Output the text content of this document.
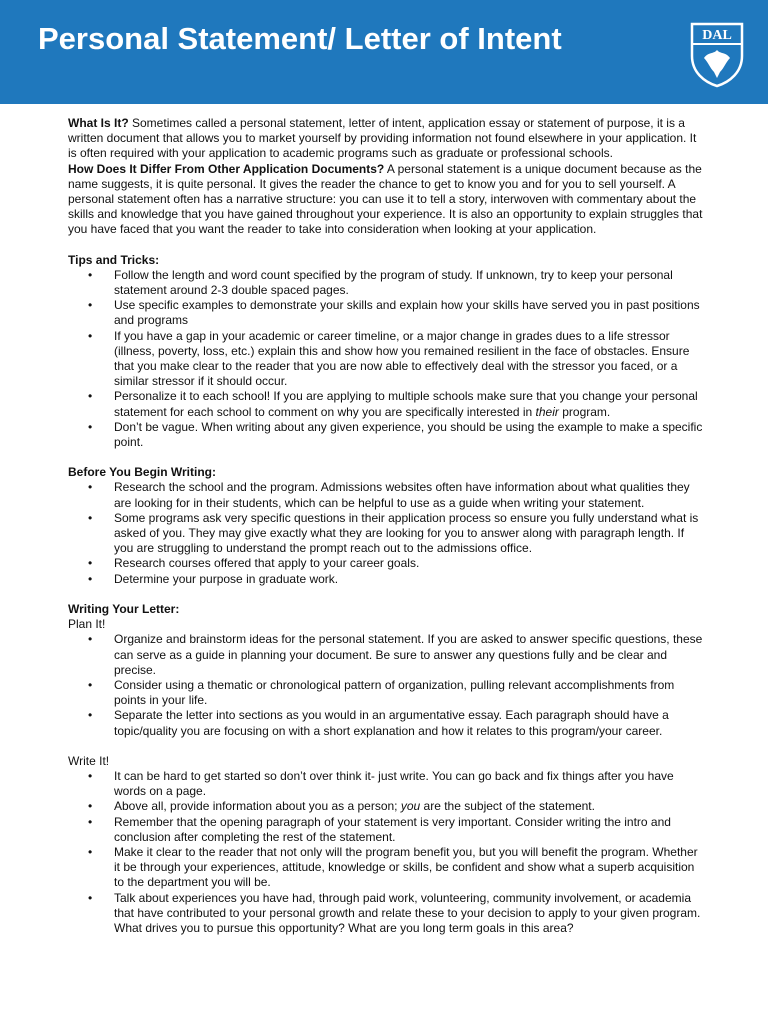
Personal Statement/ Letter of Intent	DAL

What Is It? Sometimes called a personal statement, letter of intent, application essay or statement of purpose, it is a written document that allows you to market yourself by providing information not found elsewhere in your application. It is often required with your application to academic programs such as graduate or professional schools.

How Does It Differ From Other Application Documents? A personal statement is a unique document because as the name suggests, it is quite personal. It gives the reader the chance to get to know you and for you to sell yourself. A personal statement often has a narrative structure: you can use it to tell a story, interwoven with commentary about the skills and knowledge that you have gained throughout your experience. It is also an opportunity to explain struggles that you have faced that you want the reader to take into consideration when looking at your application.

Tips and Tricks:

• Follow the length and word count specified by the program of study. If unknown, try to keep your personal statement around 2-3 double spaced pages.
• Use specific examples to demonstrate your skills and explain how your skills have served you in past positions and programs
• If you have a gap in your academic or career timeline, or a major change in grades dues to a life stressor (illness, poverty, loss, etc.) explain this and show how you remained resilient in the face of obstacles. Ensure that you make clear to the reader that you are now able to effectively deal with the stressor you faced, or a similar stressor if it should occur.
• Personalize it to each school! If you are applying to multiple schools make sure that you change your personal statement for each school to comment on why you are specifically interested in their program.
• Don’t be vague. When writing about any given experience, you should be using the example to make a specific point.

Before You Begin Writing:

• Research the school and the program. Admissions websites often have information about what qualities they are looking for in their students, which can be helpful to use as a guide when writing your statement.
• Some programs ask very specific questions in their application process so ensure you fully understand what is asked of you. They may give exactly what they are looking for you to answer along with paragraph length. If you are struggling to understand the prompt reach out to the admissions office.
• Research courses offered that apply to your career goals.
• Determine your purpose in graduate work.

Writing Your Letter:

Plan It!

• Organize and brainstorm ideas for the personal statement. If you are asked to answer specific questions, these can serve as a guide in planning your document. Be sure to answer any questions fully and be clear and precise.
• Consider using a thematic or chronological pattern of organization, pulling relevant accomplishments from points in your life.
• Separate the letter into sections as you would in an argumentative essay. Each paragraph should have a topic/quality you are focusing on with a short explanation and how it relates to this program/your career.

Write It!

• It can be hard to get started so don’t over think it- just write. You can go back and fix things after you have words on a page.
• Above all, provide information about you as a person; you are the subject of the statement.
• Remember that the opening paragraph of your statement is very important. Consider writing the intro and conclusion after completing the rest of the statement.
• Make it clear to the reader that not only will the program benefit you, but you will benefit the program. Whether it be through your experiences, attitude, knowledge or skills, be confident and show what a superb acquisition to the department you will be.
• Talk about experiences you have had, through paid work, volunteering, community involvement, or academia that have contributed to your personal growth and relate these to your decision to apply to your given program. What drives you to pursue this opportunity? What are you long term goals in this area?
